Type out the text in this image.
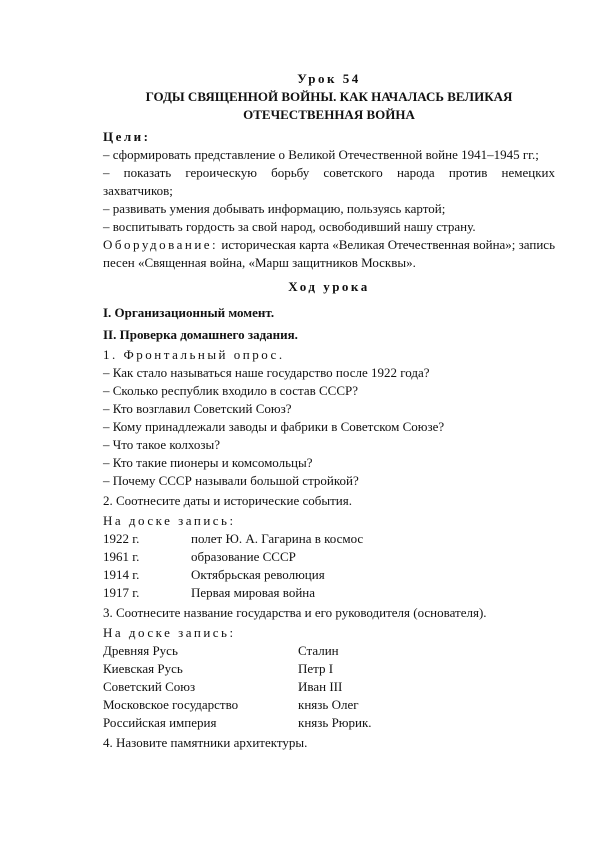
Урок 54

ГОДЫ СВЯЩЕННОЙ ВОЙНЫ. КАК НАЧАЛАСЬ ВЕЛИКАЯ

ОТЕЧЕСТВЕННАЯ ВОЙНА

Цели:

– сформировать представление о Великой Отечественной войне 1941–1945 гг.;

– показать героическую борьбу советского народа против немецких захватчиков;

– развивать умения добывать информацию, пользуясь картой;

– воспитывать гордость за свой народ, освободивший нашу страну.

Оборудование: историческая карта «Великая Отечественная война»; запись песен «Священная война, «Марш защитников Москвы».

Ход урока

I. Организационный момент.

II. Проверка домашнего задания.

1. Фронтальный опрос.

– Как стало называться наше государство после 1922 года?

– Сколько республик входило в состав СССР?

– Кто возглавил Советский Союз?

– Кому принадлежали заводы и фабрики в Советском Союзе?

– Что такое колхозы?

– Кто такие пионеры и комсомольцы?

– Почему СССР называли большой стройкой?

2. Соотнесите даты и исторические события.

На доске запись:

1922 г.	полет Ю. А. Гагарина в космос
1961 г.	образование СССР
1914 г.	Октябрьская революция
1917 г.	Первая мировая война

3. Соотнесите название государства и его руководителя (основателя).

На доске запись:

Древняя Русь	Сталин
Киевская Русь	Петр I
Советский Союз	Иван III
Московское государство	князь Олег
Российская империя	князь Рюрик.

4. Назовите памятники архитектуры.
